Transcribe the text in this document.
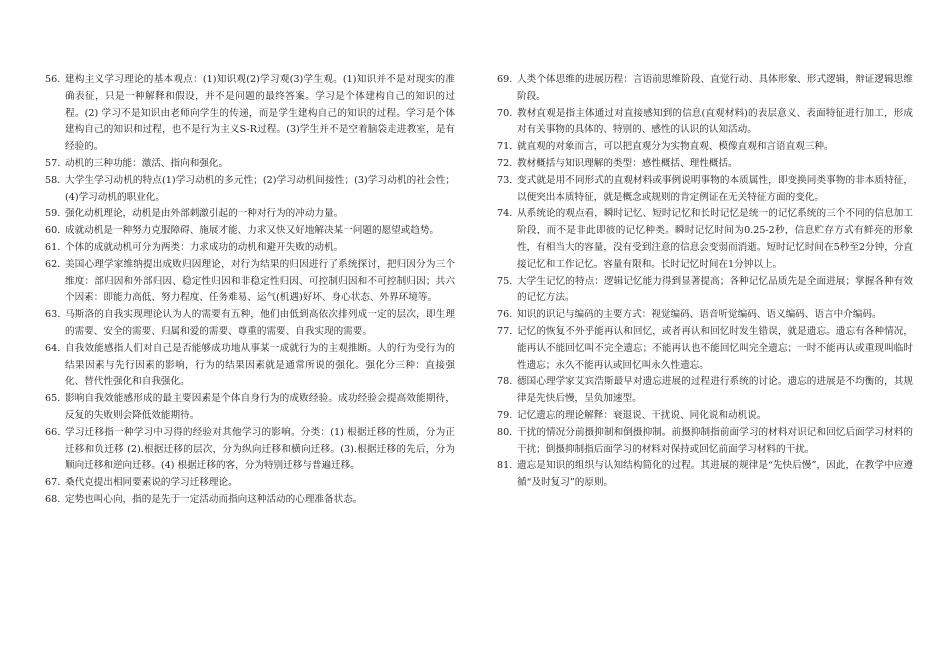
56. 建构主义学习理论的基本观点：(1)知识观(2)学习观(3)学生观。(1)知识并不是对现实的准确表征，只是一种解释和假设，并不是问题的最终答案。学习是个体建构自己的知识的过程。(2) 学习不是知识由老师向学生的传递，而是学生建构自己的知识的过程。学习是个体建构自己的知识和过程，也不是行为主义S-R过程。(3)学生并不是空着脑袋走进教室，是有经验的。
57. 动机的三种功能：激活、指向和强化。
58. 大学生学习动机的特点(1)学习动机的多元性；(2)学习动机间接性；(3)学习动机的社会性；(4)学习动机的职业化。
59. 强化动机理论，动机是由外部刺激引起的一种对行为的冲动力量。
60. 成就动机是一种努力克服障碍、施展才能、力求又快又好地解决某一问题的愿望或趋势。
61. 个体的成就动机可分为两类：力求成功的动机和避开失败的动机。
62. 美国心理学家维纳提出成败归因理论，对行为结果的归因进行了系统探讨，把归因分为三个维度：部归因和外部归因、稳定性归因和非稳定性归因、可控制归因和不可控制归因；共六个因素：即能力高低、努力程度、任务难易、运气(机遇)好坏、身心状态、外界环境等。
63. 马斯洛的自我实现理论认为人的需要有五种，他们由低到高依次排列成一定的层次，即生理的需要、安全的需要、归属和爱的需要、尊重的需要、自我实现的需要。
64. 自我效能感指人们对自己是否能够成功地从事某一成就行为的主观推断。人的行为受行为的结果因素与先行因素的影响，行为的结果因素就是通常所说的强化。强化分三种：直接强化、替代性强化和自我强化。
65. 影响自我效能感形成的最主要因素是个体自身行为的成败经验。成功经验会提高效能期待，反复的失败则会降低效能期待。
66. 学习迁移指一种学习中习得的经验对其他学习的影响。分类：(1) 根据迁移的性质，分为正迁移和负迁移 (2).根据迁移的层次，分为纵向迁移和横向迁移。(3).根据迁移的先后，分为顺向迁移和逆向迁移。(4) 根据迁移的客，分为特别迁移与普遍迁移。
67. 桑代克提出相同要素说的学习迁移理论。
68. 定势也叫心向，指的是先于一定活动而指向这种活动的心理准备状态。
69. 人类个体思维的进展历程：言语前思维阶段、直觉行动、具体形象、形式逻辑，辩证逻辑思维阶段。
70. 教材直观是指主体通过对直接感知到的信息(直观材料)的表层意义、表面特征进行加工，形成对有关事物的具体的、特别的、感性的认识的认知活动。
71. 就直观的对象而言，可以把直观分为实物直观、模像直观和言语直观三种。
72. 教材概括与知识理解的类型：感性概括、理性概括。
73. 变式就是用不同形式的直观材料或事例说明事物的本质属性，即变换同类事物的非本质特征，以便突出本质特征，就是概念或规则的肯定例证在无关特征方面的变化。
74. 从系统论的观点看，瞬时记忆、短时记忆和长时记忆是统一的记忆系统的三个不同的信息加工阶段，而不是非此即彼的记忆种类。瞬时记忆时间为0.25-2秒，信息贮存方式有鲜亮的形象性，有相当大的容量，没有受到注意的信息会变弱而消逝。短时记忆时间在5秒至2分钟，分直接记忆和工作记忆。容量有限和。长时记忆时间在1分钟以上。
75. 大学生记忆的特点：逻辑记忆能力得到显著提高；各种记忆品质先是全面进展；掌握各种有效的记忆方法。
76. 知识的识记与编码的主要方式：视觉编码、语音听觉编码、语义编码、语言中介编码。
77. 记忆的恢复不外乎能再认和回忆，或者再认和回忆时发生错误，就是遗忘。遗忘有各种情况，能再认不能回忆叫不完全遗忘；不能再认也不能回忆叫完全遗忘；一时不能再认或重现叫临时性遗忘；永久不能再认或回忆叫永久性遗忘。
78. 德国心理学家艾宾浩斯最早对遗忘进展的过程进行系统的讨论。遗忘的进展是不均衡的，其规律是先快后慢，呈负加速型。
79. 记忆遗忘的理论解释：衰退说、干扰说、同化说和动机说。
80. 干扰的情况分前摄抑制和倒摄抑制。前摄抑制指前面学习的材料对识记和回忆后面学习材料的干扰；倒摄抑制指后面学习的材料对保持或回忆前面学习材料的干扰。
81. 遗忘是知识的组织与认知结构简化的过程。其进展的规律是“先快后慢”，因此，在教学中应遵循“及时复习”的原则。
